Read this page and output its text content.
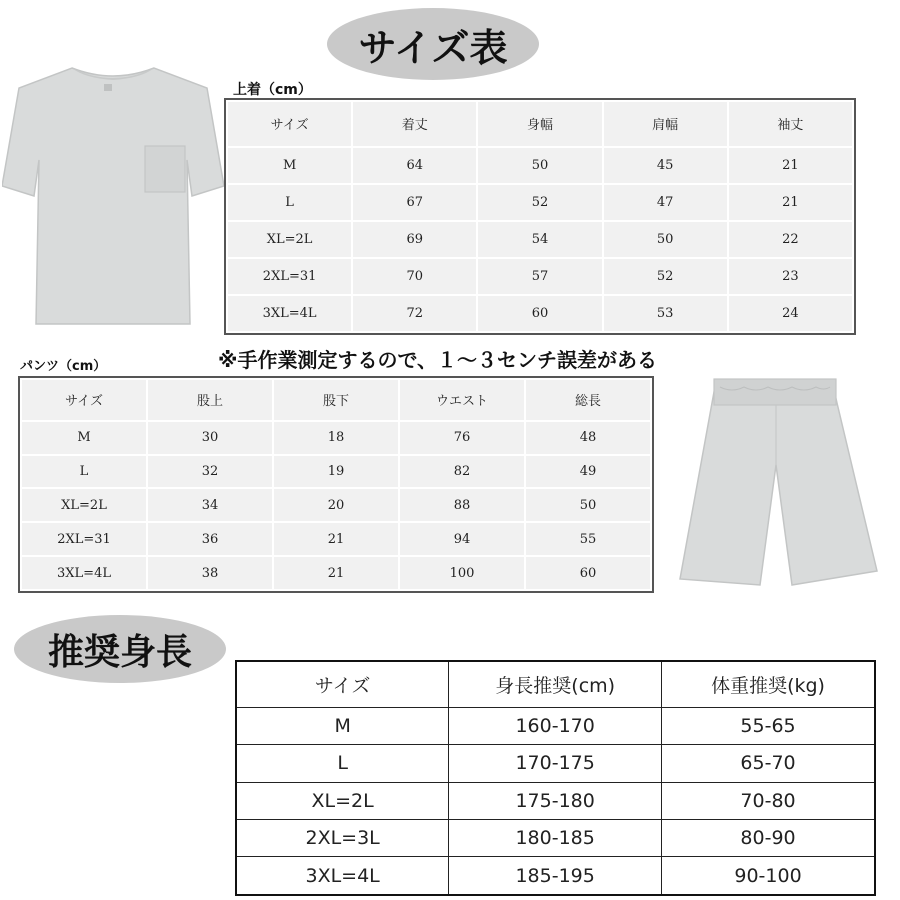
サイズ表
上着（cm）
サイズ	着丈	身幅	肩幅	袖丈
M	64	50	45	21
L	67	52	47	21
XL=2L	69	54	50	22
2XL=31	70	57	52	23
3XL=4L	72	60	53	24
※手作業測定するので、１～３センチ誤差がある
パンツ（cm）
サイズ	股上	股下	ウエスト	総長
M	30	18	76	48
L	32	19	82	49
XL=2L	34	20	88	50
2XL=31	36	21	94	55
3XL=4L	38	21	100	60
推奨身長
サイズ	身長推奨(cm)	体重推奨(kg)
M	160-170	55-65
L	170-175	65-70
XL=2L	175-180	70-80
2XL=3L	180-185	80-90
3XL=4L	185-195	90-100
